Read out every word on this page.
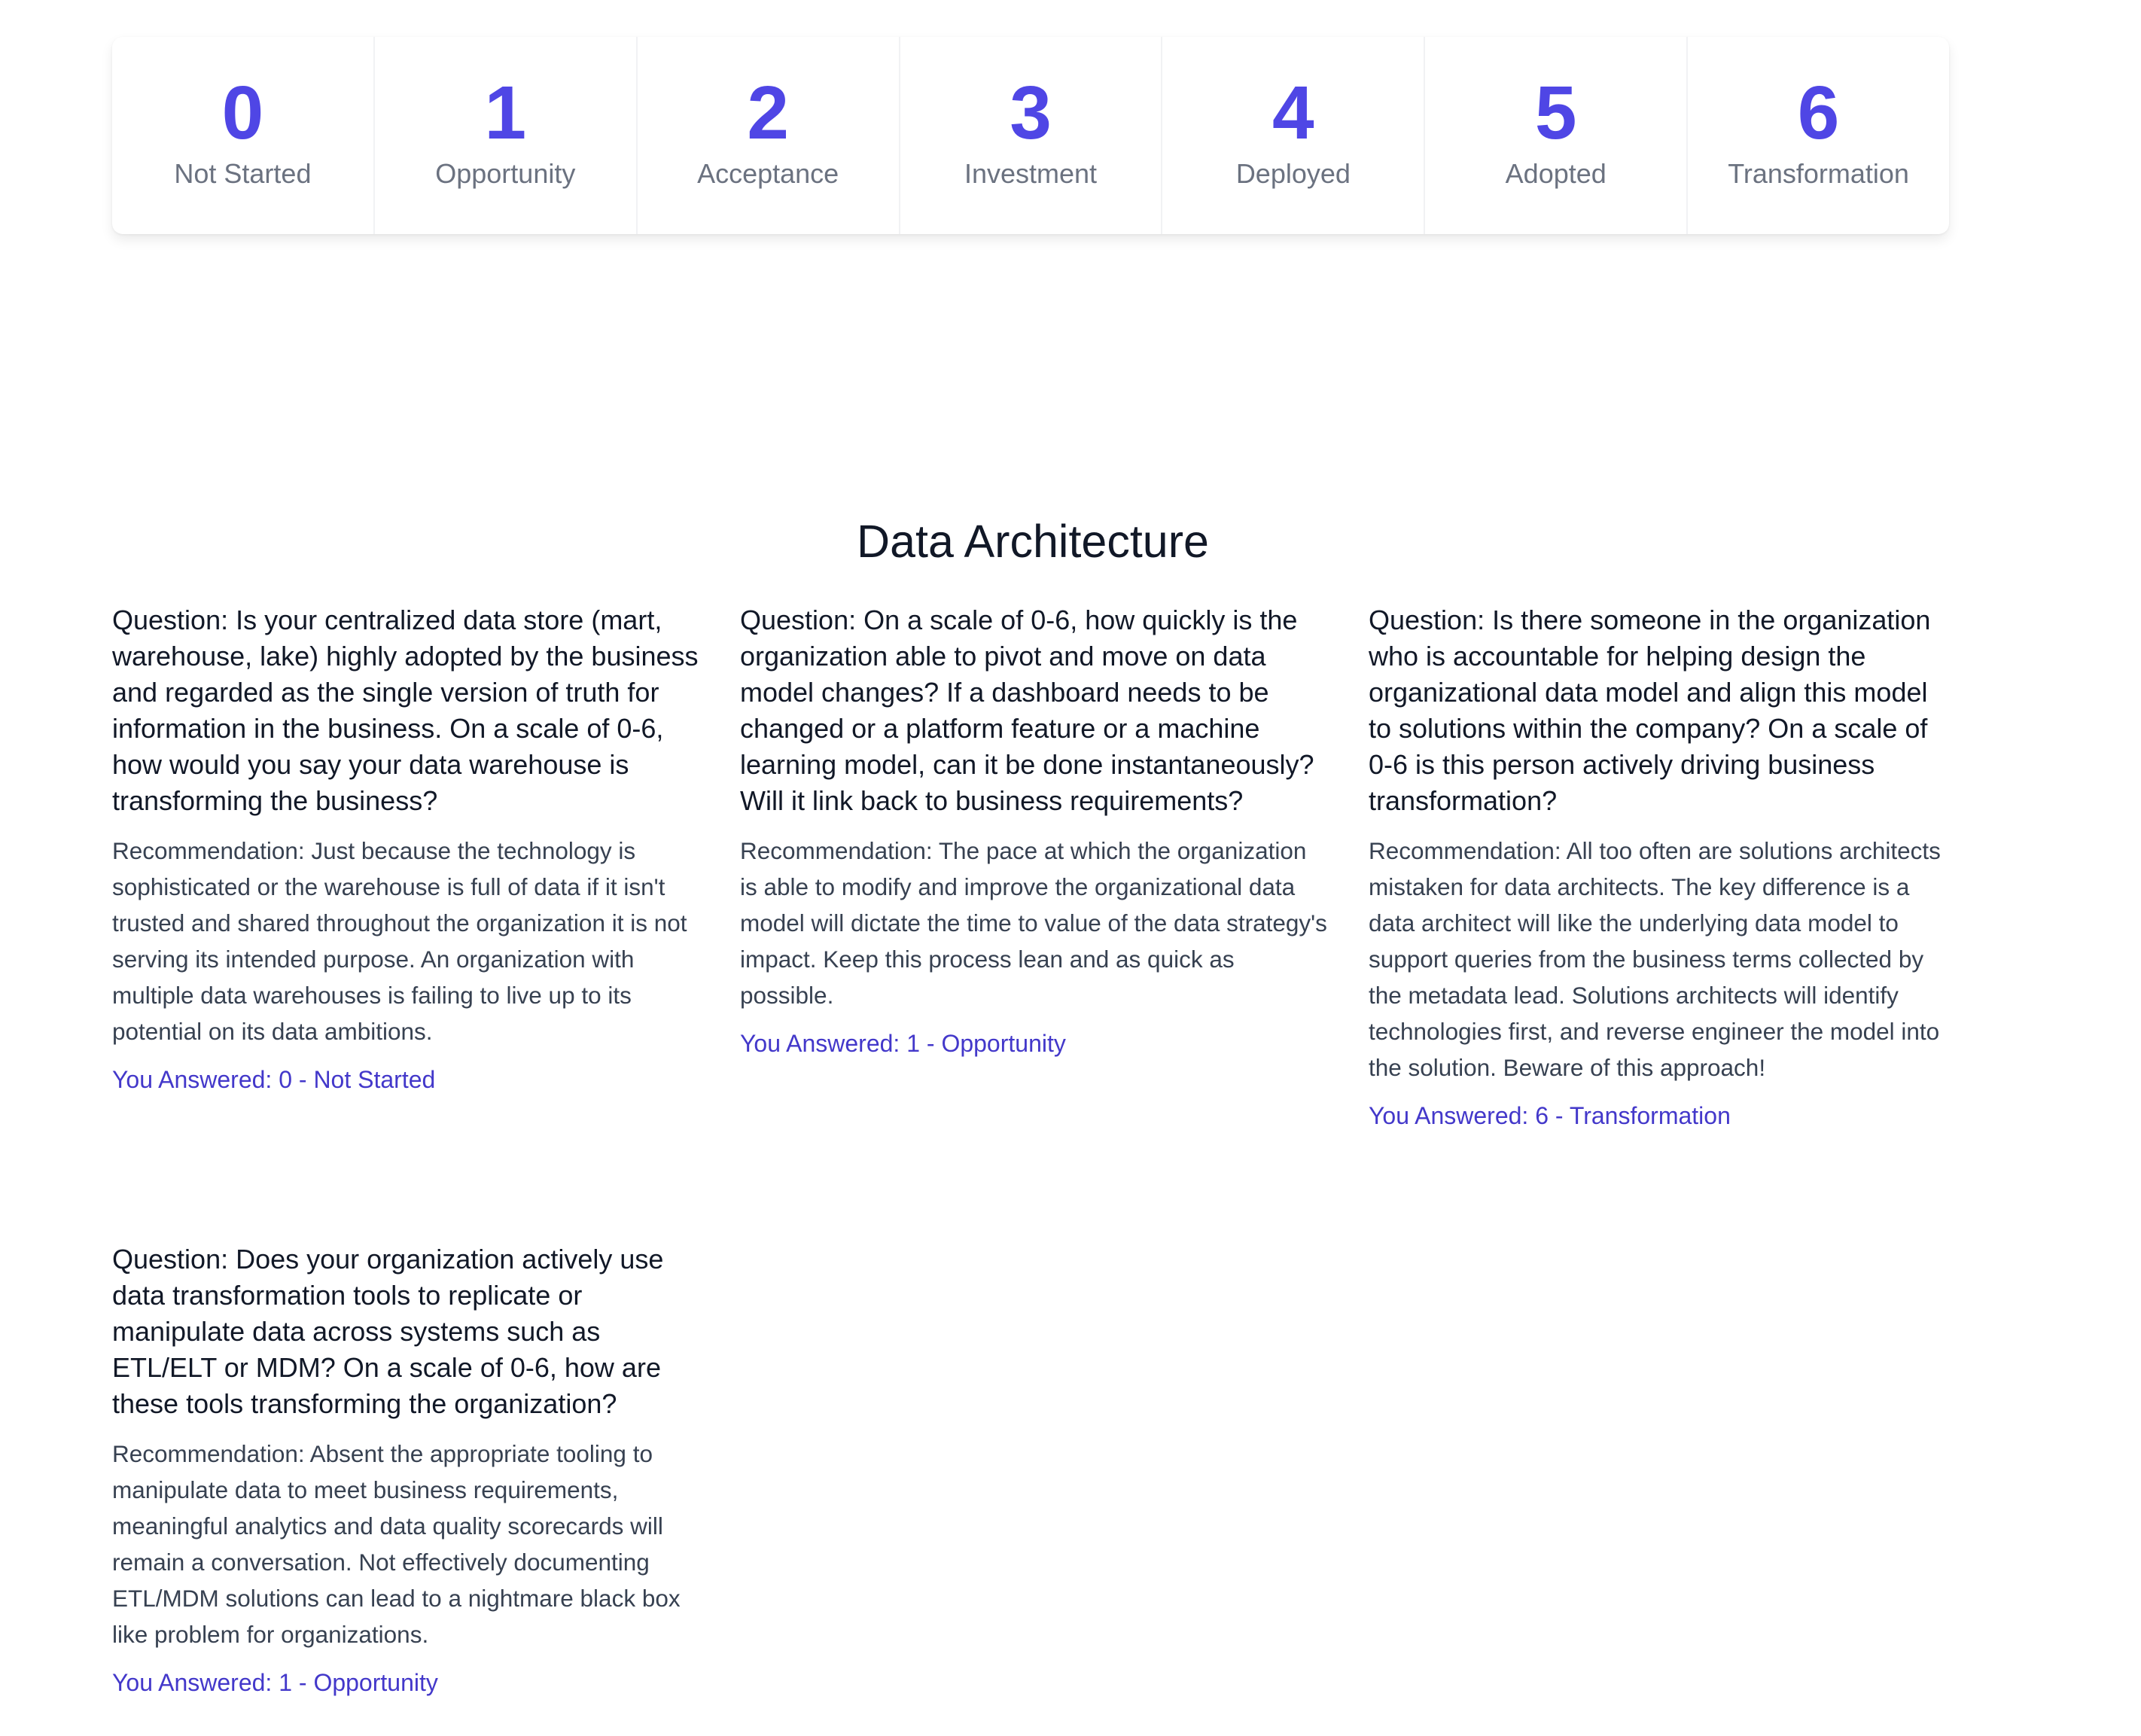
0
Not Started
1
Opportunity
2
Acceptance
3
Investment
4
Deployed
5
Adopted
6
Transformation
Data Architecture

Question: Is your centralized data store (mart, warehouse, lake) highly adopted by the business and regarded as the single version of truth for information in the business. On a scale of 0-6, how would you say your data warehouse is transforming the business?

Recommendation: Just because the technology is sophisticated or the warehouse is full of data if it isn't trusted and shared throughout the organization it is not serving its intended purpose. An organization with multiple data warehouses is failing to live up to its potential on its data ambitions.

You Answered: 0 - Not Started

Question: On a scale of 0-6, how quickly is the organization able to pivot and move on data model changes? If a dashboard needs to be changed or a platform feature or a machine learning model, can it be done instantaneously? Will it link back to business requirements?

Recommendation: The pace at which the organization is able to modify and improve the organizational data model will dictate the time to value of the data strategy's impact. Keep this process lean and as quick as possible.

You Answered: 1 - Opportunity

Question: Is there someone in the organization who is accountable for helping design the organizational data model and align this model to solutions within the company? On a scale of 0-6 is this person actively driving business transformation?

Recommendation: All too often are solutions architects mistaken for data architects. The key difference is a data architect will like the underlying data model to support queries from the business terms collected by the metadata lead. Solutions architects will identify technologies first, and reverse engineer the model into the solution. Beware of this approach!

You Answered: 6 - Transformation

Question: Does your organization actively use data transformation tools to replicate or manipulate data across systems such as ETL/ELT or MDM? On a scale of 0-6, how are these tools transforming the organization?

Recommendation: Absent the appropriate tooling to manipulate data to meet business requirements, meaningful analytics and data quality scorecards will remain a conversation. Not effectively documenting ETL/MDM solutions can lead to a nightmare black box like problem for organizations.

You Answered: 1 - Opportunity
